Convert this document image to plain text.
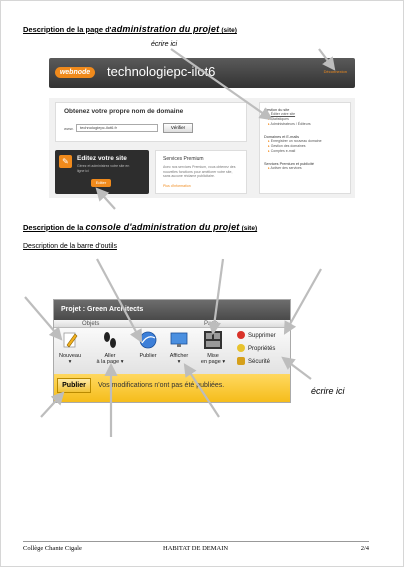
Description de la page d'administration du projet (site)
écrire ici
webnode	technologiepc-ilot6	Déconnexion
Obtenez votre propre nom de domaine
www.	technologiepc-ilot6.fr	Vérifier
Gestion du site
▸ Éditer votre site
▸ Statistiques
▸ Administrateurs / Éditeurs
Domaines et E-mails
▸ Enregistrer un nouveau domaine
▸ Gestion des domaines
▸ Comptes e-mail
Services Premium et publicité
▸ Activer des services
✎	Editez votre site
Gérez et administrez votre site en ligne ici
Editer
Services Premium
Avec nos services Premium, vous obtenez des nouvelles fonctions pour améliorer votre site, sans aucune réclame publicitaire.
Plus d'information
Description de la console d'administration du projet (site)
Description de la barre d'outils
Projet : Green Architects
Objets	Page
Nouveau
▾
Aller
à la page ▾
Publier	Afficher
▾
Mise
en page ▾
Supprimer
Propriétés
Sécurité
Publier	Vos modifications n'ont pas été publiées.
écrire ici
Collège Chante Cigale	HABITAT DE DEMAIN	2/4
